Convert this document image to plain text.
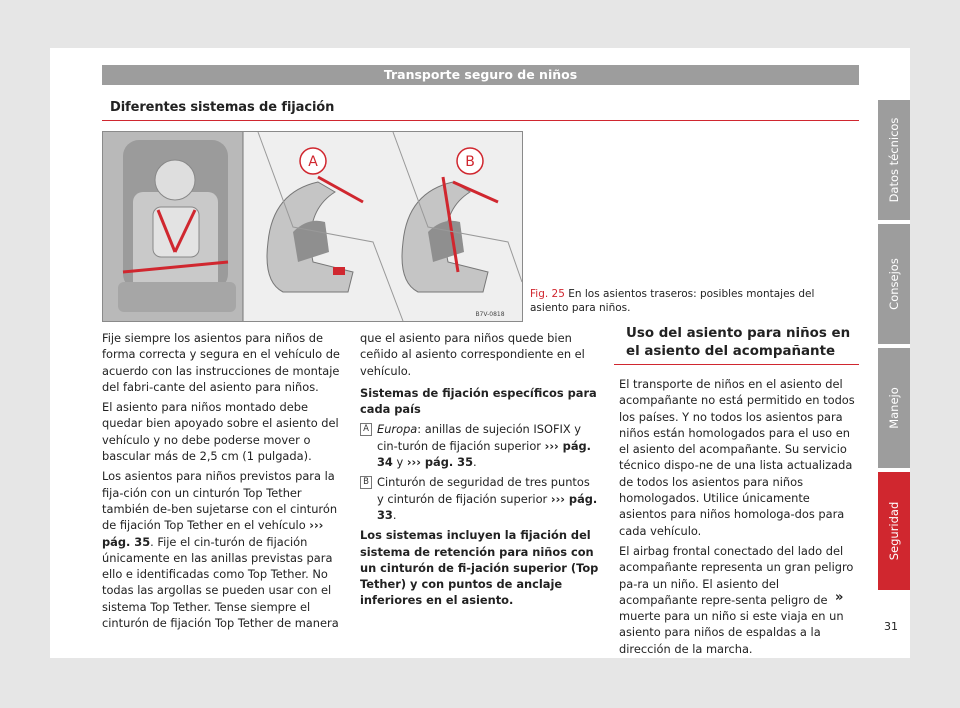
Transporte seguro de niños
Diferentes sistemas de fijación
A	B
B7V-0818
Fig. 25 En los asientos traseros: posibles montajes del asiento para niños.

Fije siempre los asientos para niños de forma correcta y segura en el vehículo de acuerdo con las instrucciones de montaje del fabri-cante del asiento para niños.

El asiento para niños montado debe quedar bien apoyado sobre el asiento del vehículo y no debe poderse mover o bascular más de 2,5 cm (1 pulgada).

Los asientos para niños previstos para la fija-ción con un cinturón Top Tether también de-ben sujetarse con el cinturón de fijación Top Tether en el vehículo ››› pág. 35. Fije el cin-turón de fijación únicamente en las anillas previstas para ello e identificadas como Top Tether. No todas las argollas se pueden usar con el sistema Top Tether. Tense siempre el cinturón de fijación Top Tether de manera

que el asiento para niños quede bien ceñido al asiento correspondiente en el vehículo.

Sistemas de fijación específicos para cada país
A Europa: anillas de sujeción ISOFIX y cin-turón de fijación superior ››› pág. 34 y ››› pág. 35.
B Cinturón de seguridad de tres puntos y cinturón de fijación superior ››› pág. 33.

Los sistemas incluyen la fijación del sistema de retención para niños con un cinturón de fi-jación superior (Top Tether) y con puntos de anclaje inferiores en el asiento.

Uso del asiento para niños en el asiento del acompañante

El transporte de niños en el asiento del acompañante no está permitido en todos los países. Y no todos los asientos para niños están homologados para el uso en el asiento del acompañante. Su servicio técnico dispo-ne de una lista actualizada de todos los asientos para niños homologados. Utilice únicamente asientos para niños homologa-dos para cada vehículo.

El airbag frontal conectado del lado del acompañante representa un gran peligro pa-ra un niño. El asiento del acompañante repre-senta peligro de muerte para un niño si este viaja en un asiento para niños de espaldas a la dirección de la marcha.

»
Datos técnicos
Consejos
Manejo
Seguridad
31
